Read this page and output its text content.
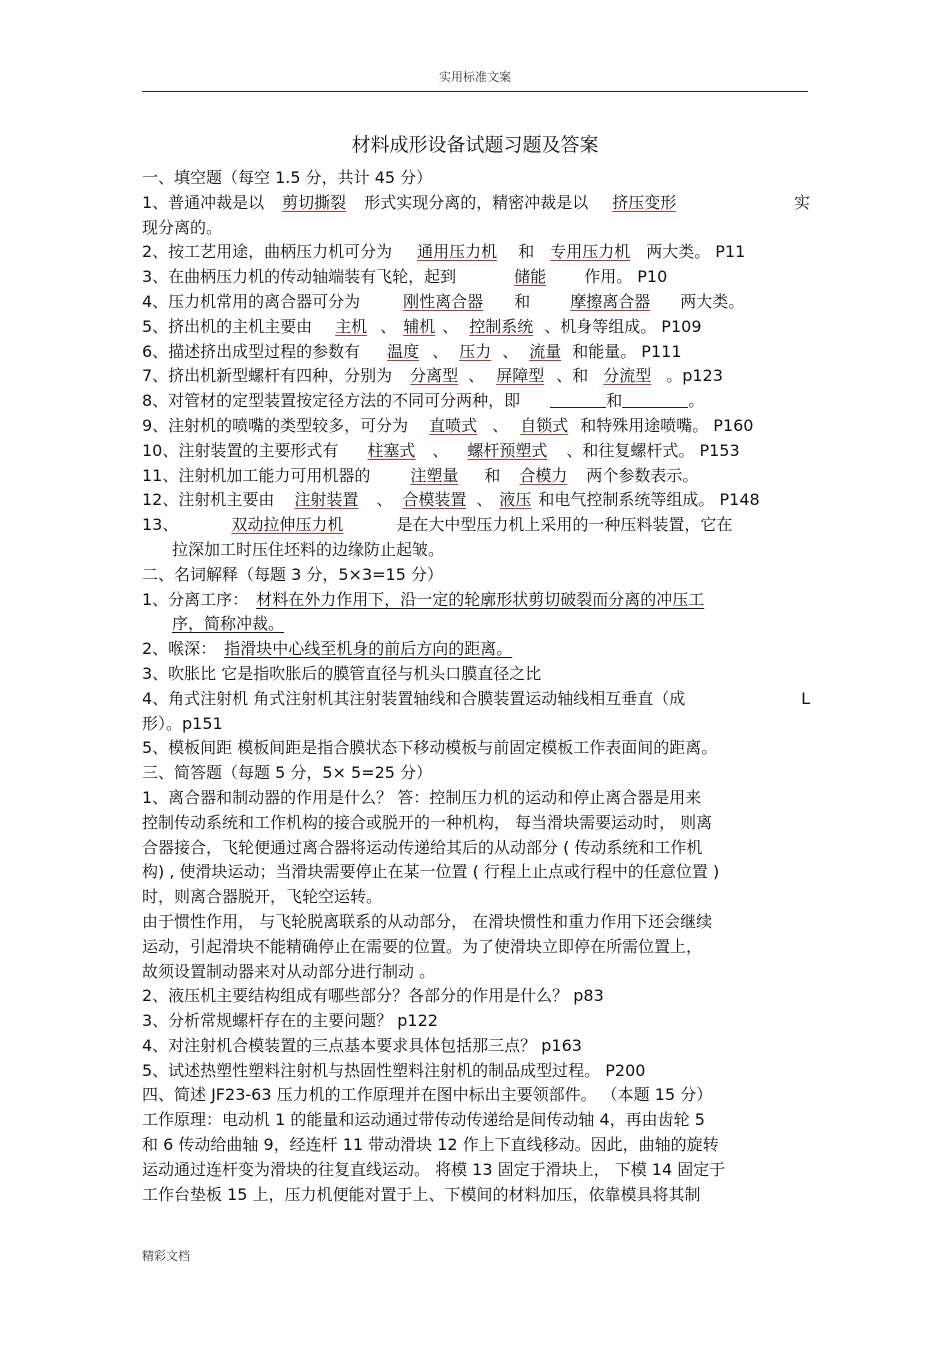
实用标准文案
材料成形设备试题习题及答案
一、填空题（每空 1.5 分，共计 45 分）
1、普通冲裁是以 剪切撕裂 形式实现分离的，精密冲裁是以 挤压变形	实
现分离的。
2、按工艺用途，曲柄压力机可分为 通用压力机 和 专用压力机 两大类。 P11
3、在曲柄压力机的传动轴端装有飞轮，起到	储能 作用。 P10
4、压力机常用的离合器可分为	刚性离合器 和 摩擦离合器 两大类。
5、挤出机的主机主要由 主机 、 辅机 、 控制系统 、机身等组成。 P109
6、描述挤出成型过程的参数有 温度 、 压力 、 流量 和能量。 P111
7、挤出机新型螺杆有四种，分别为 分离型 、 屏障型 、和 分流型 。p123
8、对管材的定型装置按定径方法的不同可分两种，即	和	。
9、注射机的喷嘴的类型较多，可分为 直喷式 、 自锁式 和特殊用途喷嘴。 P160
10、注射装置的主要形式有 柱塞式 、 螺杆预塑式 、和往复螺杆式。 P153
11、注射机加工能力可用机器的 注塑量 和 合模力 两个参数表示。
12、注射机主要由 注射装置 、 合模装置 、 液压 和电气控制系统等组成。 P148
13、	双动拉伸压力机	是在大中型压力机上采用的一种压料装置，它在
拉深加工时压住坯料的边缘防止起皱。
二、名词解释（每题 3 分，5×3=15 分）
1、分离工序： 材料在外力作用下，沿一定的轮廓形状剪切破裂而分离的冲压工
序，简称冲裁。
2、喉深： 指滑块中心线至机身的前后方向的距离。
3、吹胀比 它是指吹胀后的膜管直径与机头口膜直径之比
4、角式注射机 角式注射机其注射装置轴线和合膜装置运动轴线相互垂直（成	L
形）。p151
5、模板间距 模板间距是指合膜状态下移动模板与前固定模板工作表面间的距离。
三、简答题（每题 5 分，5× 5=25 分）
1、离合器和制动器的作用是什么？ 答：控制压力机的运动和停止离合器是用来
控制传动系统和工作机构的接合或脱开的一种机构， 每当滑块需要运动时， 则离
合器接合，飞轮便通过离合器将运动传递给其后的从动部分 ( 传动系统和工作机
构) , 使滑块运动；当滑块需要停止在某一位置 ( 行程上止点或行程中的任意位置 )
时，则离合器脱开，飞轮空运转。
由于惯性作用， 与飞轮脱离联系的从动部分， 在滑块惯性和重力作用下还会继续
运动，引起滑块不能精确停止在需要的位置。为了使滑块立即停在所需位置上，
故须设置制动器来对从动部分进行制动 。
2、液压机主要结构组成有哪些部分？各部分的作用是什么？ p83
3、分析常规螺杆存在的主要问题？ p122
4、对注射机合模装置的三点基本要求具体包括那三点？ p163
5、试述热塑性塑料注射机与热固性塑料注射机的制品成型过程。 P200
四、简述 JF23-63 压力机的工作原理并在图中标出主要领部件。 （本题 15 分）
工作原理：电动机 1 的能量和运动通过带传动传递给是间传动轴 4，再由齿轮 5
和 6 传动给曲轴 9，经连杆 11 带动滑块 12 作上下直线移动。因此，曲轴的旋转
运动通过连杆变为滑块的往复直线运动。 将模 13 固定于滑块上， 下模 14 固定于
工作台垫板 15 上，压力机便能对置于上、下模间的材料加压，依靠模具将其制
精彩文档
